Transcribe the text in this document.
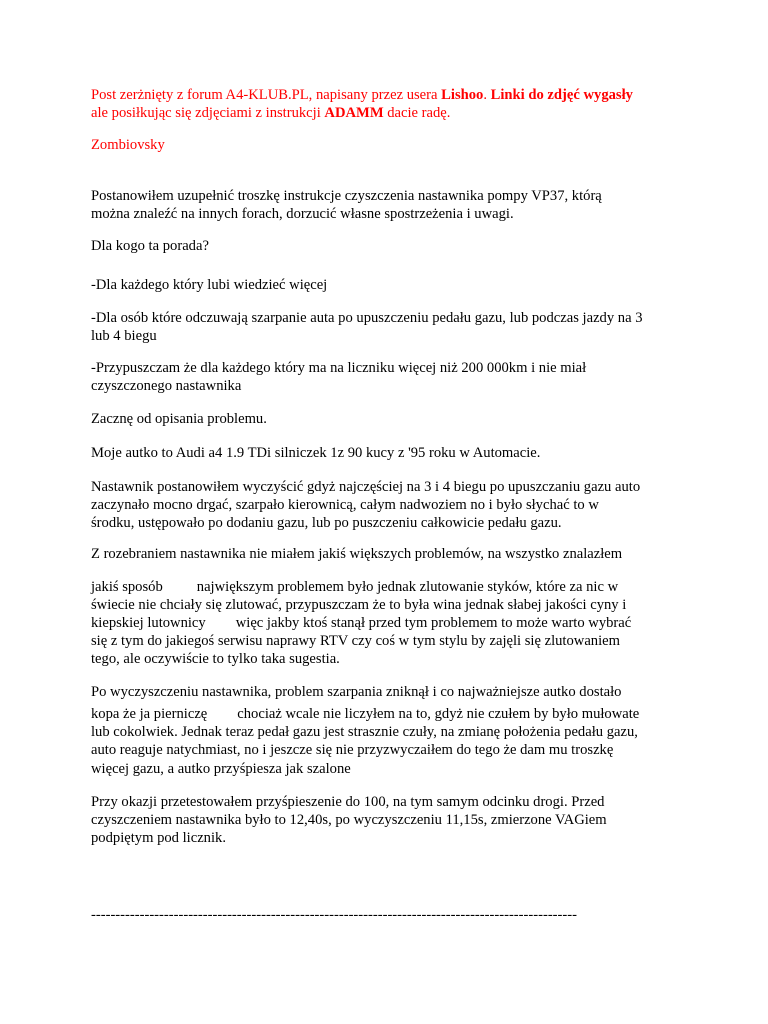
Post zerżnięty z forum A4-KLUB.PL, napisany przez usera Lishoo. Linki do zdjęć wygasły
ale posiłkując się zdjęciami z instrukcji ADAMM dacie radę.
Zombiovsky
Postanowiłem uzupełnić troszkę instrukcje czyszczenia nastawnika pompy VP37, którą
można znaleźć na innych forach, dorzucić własne spostrzeżenia i uwagi.
Dla kogo ta porada?
-Dla każdego który lubi wiedzieć więcej
-Dla osób które odczuwają szarpanie auta po upuszczeniu pedału gazu, lub podczas jazdy na 3
lub 4 biegu
-Przypuszczam że dla każdego który ma na liczniku więcej niż 200 000km i nie miał
czyszczonego nastawnika
Zacznę od opisania problemu.
Moje autko to Audi a4 1.9 TDi silniczek 1z 90 kucy z '95 roku w Automacie.
Nastawnik postanowiłem wyczyścić gdyż najczęściej na 3 i 4 biegu po upuszczaniu gazu auto
zaczynało mocno drgać, szarpało kierownicą, całym nadwoziem no i było słychać to w
środku, ustępowało po dodaniu gazu, lub po puszczeniu całkowicie pedału gazu.
Z rozebraniem nastawnika nie miałem jakiś większych problemów, na wszystko znalazłem
jakiś sposób największym problemem było jednak zlutowanie styków, które za nic w
świecie nie chciały się zlutować, przypuszczam że to była wina jednak słabej jakości cyny i
kiepskiej lutownicy więc jakby ktoś stanął przed tym problemem to może warto wybrać
się z tym do jakiegoś serwisu naprawy RTV czy coś w tym stylu by zajęli się zlutowaniem
tego, ale oczywiście to tylko taka sugestia.
Po wyczyszczeniu nastawnika, problem szarpania zniknął i co najważniejsze autko dostało
kopa że ja pierniczę chociaż wcale nie liczyłem na to, gdyż nie czułem by było mułowate
lub cokolwiek. Jednak teraz pedał gazu jest strasznie czuły, na zmianę położenia pedału gazu,
auto reaguje natychmiast, no i jeszcze się nie przyzwyczaiłem do tego że dam mu troszkę
więcej gazu, a autko przyśpiesza jak szalone
Przy okazji przetestowałem przyśpieszenie do 100, na tym samym odcinku drogi. Przed
czyszczeniem nastawnika było to 12,40s, po wyczyszczeniu 11,15s, zmierzone VAGiem
podpiętym pod licznik.
----------------------------------------------------------------------------------------------------
